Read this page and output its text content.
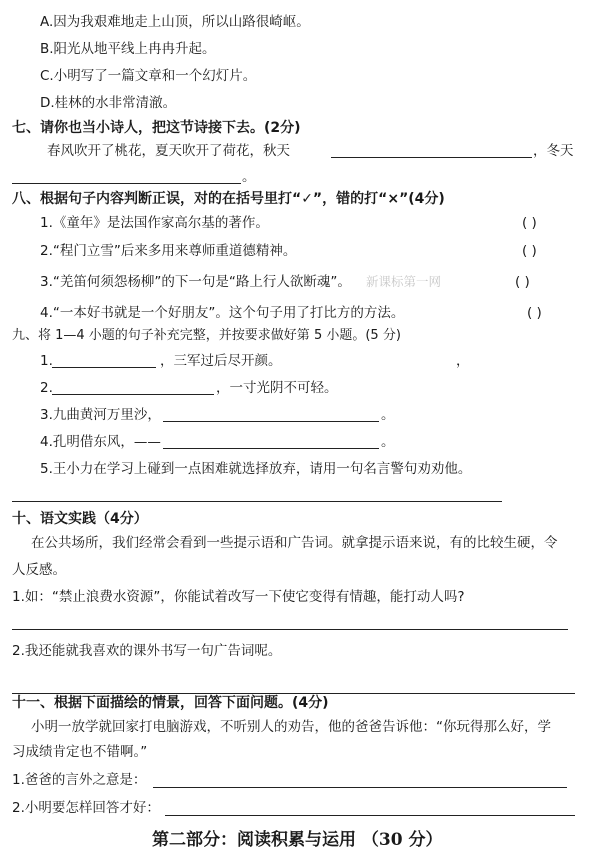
A.因为我艰难地走上山顶，所以山路很崎岖。
B.阳光从地平线上冉冉升起。
C.小明写了一篇文章和一个幻灯片。
D.桂林的水非常清澈。
七、请你也当小诗人，把这节诗接下去。(2分)
春风吹开了桃花，夏天吹开了荷花，秋天	，冬天
。
八、根据句子内容判断正误，对的在括号里打“✓”，错的打“×”(4分)
1.《童年》是法国作家高尔基的著作。	( )
2.“程门立雪”后来多用来尊师重道德精神。	( )
3.“羌笛何须怨杨柳”的下一句是“路上行人欲断魂”。 新课标第一网	( )
4.“一本好书就是一个好朋友”。这个句子用了打比方的方法。	( )
九、将 1—4 小题的句子补充完整，并按要求做好第 5 小题。(5 分)
1.	，三军过后尽开颜。	，
2.	，一寸光阴不可轻。
3.九曲黄河万里沙，	。
4.孔明借东风，——	。
5.王小力在学习上碰到一点困难就选择放弃，请用一句名言警句劝劝他。
十、语文实践（4分）
在公共场所，我们经常会看到一些提示语和广告词。就拿提示语来说，有的比较生硬，令
人反感。
1.如：“禁止浪费水资源”，你能试着改写一下使它变得有情趣，能打动人吗?
2.我还能就我喜欢的课外书写一句广告词呢。
十一、根据下面描绘的情景，回答下面问题。(4分)
小明一放学就回家打电脑游戏，不听别人的劝告，他的爸爸告诉他：“你玩得那么好，学
习成绩肯定也不错啊。”
1.爸爸的言外之意是：
2.小明要怎样回答才好：
第二部分：阅读积累与运用 （30 分）
